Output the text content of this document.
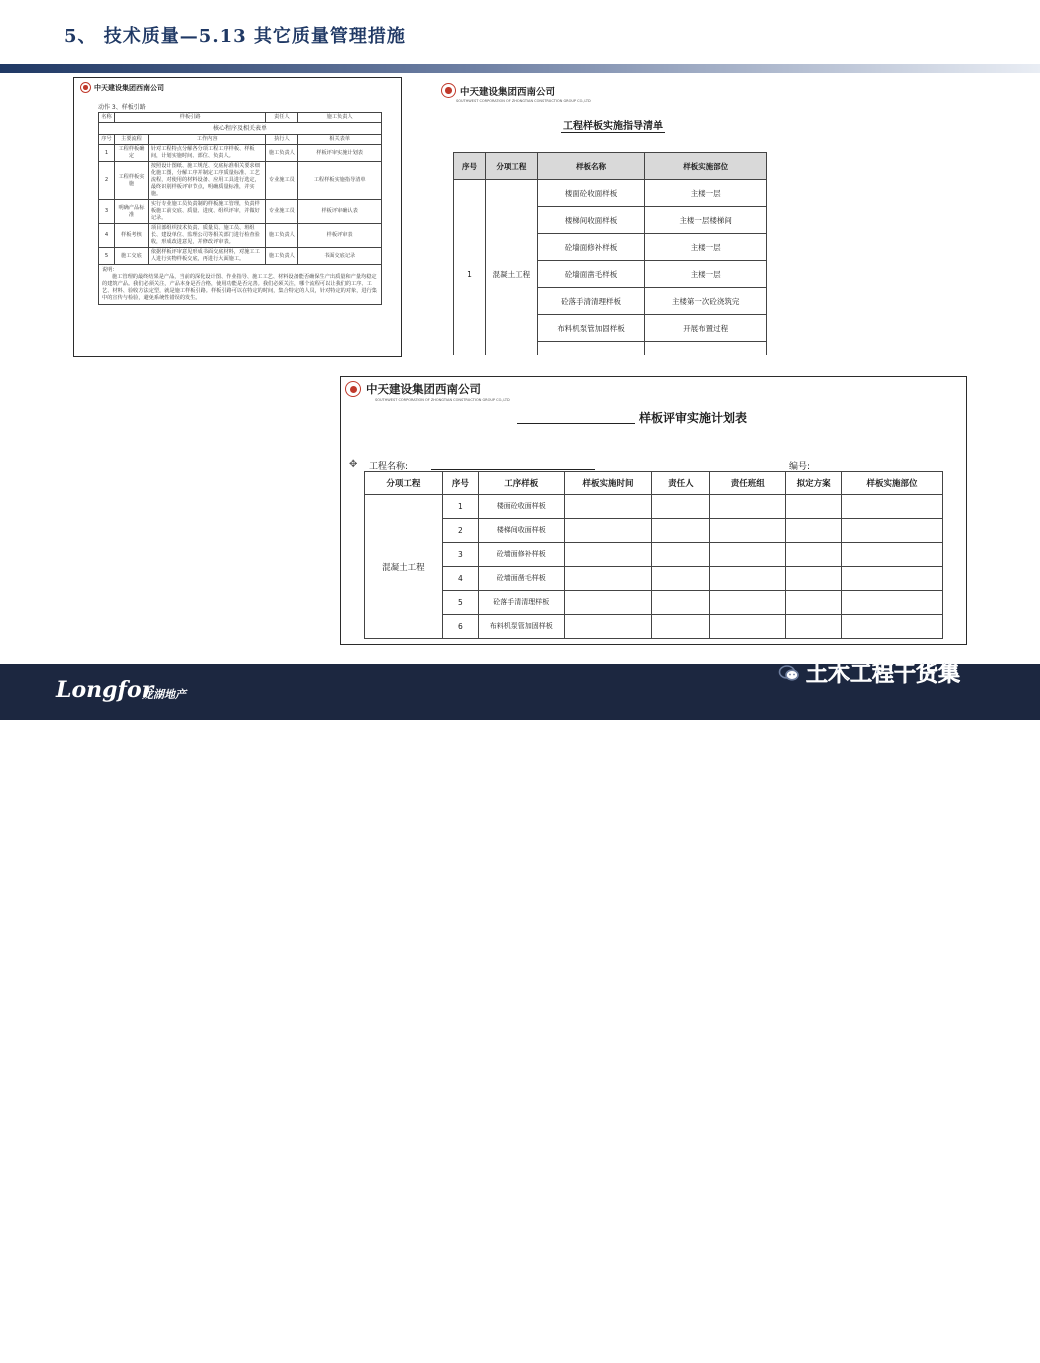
5、 技术质量—5.13 其它质量管理措施
中天建设集团西南公司
动作 3、样板引路
名称	样板引路		责任人	施工负责人
核心程序及相关表单				
序号	主要流程	工作内容	执行人	相关表单
1	工程样板确定	针对工程特点分解各分项工程工序样板、样板间，计划实施时间、部位、负责人。	施工负责人	样板评审实施计划表
2	工程样板实施	按照设计图纸、施工规范、交底标准相关要求细化施工图，分解工序并制定工序质量标准、工艺流程，对使用的材料设备、应用工具进行选定，最终识别样板评审节点，明确质量标准，并实施。	专业施工员	工程样板实施指导清单
3	明确产品标准	实行专业施工员负责制的样板施工管理，负责样板施工前交底、质量、进度、组织评审，并做好记录。	专业施工员	样板评审确认表
4	样板考核	项目部组织技术负责、质量员、施工员、班组长、建设单位、监理公司等相关部门进行检查验收，形成改进意见，并修改评审表。	施工负责人	样板评审表
5	施工交底	依据样板评审意见形成书面交底材料，对施工工人进行实物样板交底，再进行大面施工。	施工负责人	书面交底记录

说明：
施工管理的最终结果是产品，当前的深化设计图、作业指导、施工工艺、材料设备能否确保生产出质量和产量均稳定的建筑产品。我们必须关注，产品本身是否合格，使用功能是否完善。我们必须关注，哪个流程可以让我们的工序、工艺、材料、验收方法定型，就是施工样板引路。样板引路可以在特定的时间，集合特定的人员，针对特定的对象，进行集中的宣传与检验，避免系统性错误的发生。				
中天建设集团西南公司
SOUTHWEST CORPORATION OF ZHONGTIAN CONSTRUCTION GROUP CO.,LTD
工程样板实施指导清单
序号	分项工程	样板名称	样板实施部位
1	混凝土工程	楼面砼收面样板	主楼一层
		楼梯间收面样板	主楼一层楼梯间
		砼墙面修补样板	主楼一层
		砼墙面凿毛样板	主楼一层
		砼落手清清理样板	主楼第一次砼浇筑完
		布料机泵管加固样板	开展布置过程

中天建设集团西南公司
SOUTHWEST CORPORATION OF ZHONGTIAN CONSTRUCTION GROUP CO.,LTD
样板评审实施计划表
✥ 工程名称:	编号:
分项工程	序号	工序样板	样板实施时间	责任人	责任班组	拟定方案	样板实施部位
混凝土工程	1	楼面砼收面样板					
	2	楼梯间收面样板					
	3	砼墙面修补样板					
	4	砼墙面凿毛样板					
	5	砼落手清清理样板					
	6	布料机泵管加固样板					
Longfor
龙湖地产
龙湖总包投标技术标管理策划汇报 | 71
土木工程干货集
